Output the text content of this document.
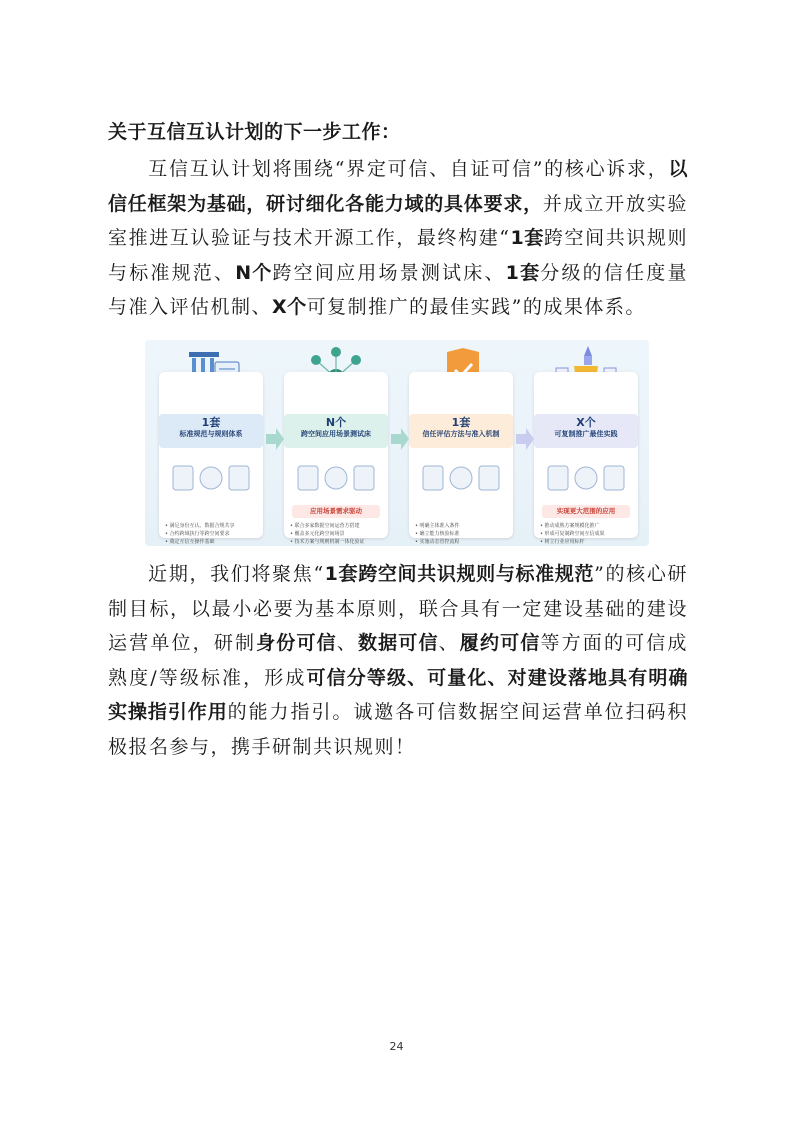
关于互信互认计划的下一步工作：
互信互认计划将围绕“界定可信、自证可信”的核心诉求，以信任框架为基础，研讨细化各能力域的具体要求，并成立开放实验室推进互认验证与技术开源工作，最终构建“1套跨空间共识规则与标准规范、N个跨空间应用场景测试床、1套分级的信任度量与准入评估机制、X个可复制推广的最佳实践”的成果体系。
1套
标准规范与规则体系
• 满足身份互认、数据合规共享
• 合约跨域执行等跨空间要求
• 奠定互信互操作基础
N个
跨空间应用场景测试床
应用场景需求驱动
• 联合多家数据空间运营方搭建
• 覆盖多元化跨空间场景
• 技术方案与规则机制一体化验证
1套
信任评估方法与准入机制
• 明确主体准入条件
• 确立能力核验标准
• 实施动态管控流程
X个
可复制推广最佳实践
实现更大范围的应用
• 推动成熟方案规模化推广
• 形成可复制跨空间互信成果
• 树立行业应用标杆
近期，我们将聚焦“1套跨空间共识规则与标准规范”的核心研制目标，以最小必要为基本原则，联合具有一定建设基础的建设运营单位，研制身份可信、数据可信、履约可信等方面的可信成熟度/等级标准，形成可信分等级、可量化、对建设落地具有明确实操指引作用的能力指引。诚邀各可信数据空间运营单位扫码积极报名参与，携手研制共识规则！
24
